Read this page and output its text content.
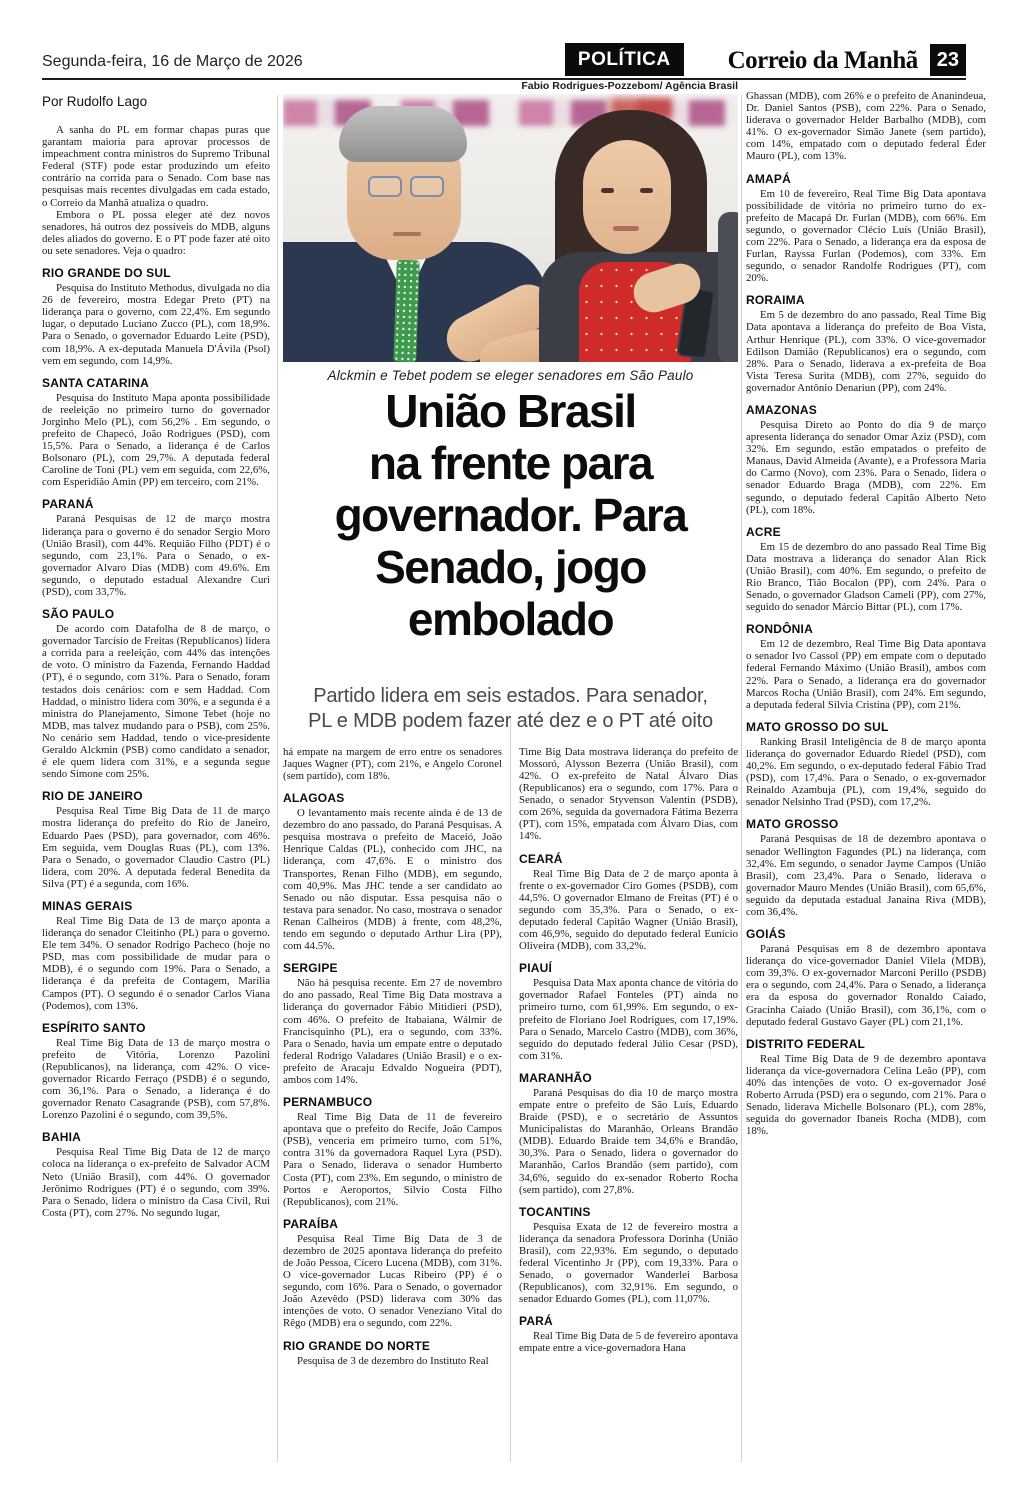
Segunda-feira, 16 de Março de 2026	POLÍTICA	Correio da Manhã 23
Por Rudolfo Lago

A sanha do PL em formar chapas puras que garantam maioria para aprovar processos de impeachment contra ministros do Supremo Tribunal Federal (STF) pode estar produzindo um efeito contrário na corrida para o Senado. Com base nas pesquisas mais recentes divulgadas em cada estado, o Correio da Manhã atualiza o quadro.

Embora o PL possa eleger até dez novos senadores, há outros dez possíveis do MDB, alguns deles aliados do governo. E o PT pode fazer até oito ou sete senadores. Veja o quadro:

RIO GRANDE DO SUL

Pesquisa do Instituto Methodus, divulgada no dia 26 de fevereiro, mostra Edegar Preto (PT) na liderança para o governo, com 22,4%. Em segundo lugar, o deputado Luciano Zucco (PL), com 18,9%. Para o Senado, o governador Eduardo Leite (PSD), com 18,9%. A ex-deputada Manuela D'Ávila (Psol) vem em segundo, com 14,9%.

SANTA CATARINA

Pesquisa do Instituto Mapa aponta possibilidade de reeleição no primeiro turno do governador Jorginho Melo (PL), com 56,2% . Em segundo, o prefeito de Chapecó, João Rodrigues (PSD), com 15,5%. Para o Senado, a liderança é de Carlos Bolsonaro (PL), com 29,7%. A deputada federal Caroline de Toni (PL) vem em seguida, com 22,6%, com Esperidião Amin (PP) em terceiro, com 21%.

PARANÁ

Paraná Pesquisas de 12 de março mostra liderança para o governo é do senador Sergio Moro (União Brasil), com 44%. Requião Filho (PDT) é o segundo, com 23,1%. Para o Senado, o ex-governador Alvaro Dias (MDB) com 49.6%. Em segundo, o deputado estadual Alexandre Curi (PSD), com 33,7%.

SÃO PAULO

De acordo com Datafolha de 8 de março, o governador Tarcísio de Freitas (Republicanos) lidera a corrida para a reeleição, com 44% das intenções de voto. O ministro da Fazenda, Fernando Haddad (PT), é o segundo, com 31%. Para o Senado, foram testados dois cenários: com e sem Haddad. Com Haddad, o ministro lidera com 30%, e a segunda é a ministra do Planejamento, Simone Tebet (hoje no MDB, mas talvez mudando para o PSB), com 25%. No cenário sem Haddad, tendo o vice-presidente Geraldo Alckmin (PSB) como candidato a senador, é ele quem lidera com 31%, e a segunda segue sendo Simone com 25%.

RIO DE JANEIRO

Pesquisa Real Time Big Data de 11 de março mostra liderança do prefeito do Rio de Janeiro, Eduardo Paes (PSD), para governador, com 46%. Em seguida, vem Douglas Ruas (PL), com 13%. Para o Senado, o governador Claudio Castro (PL) lidera, com 20%. A deputada federal Benedita da Silva (PT) é a segunda, com 16%.

MINAS GERAIS

Real Time Big Data de 13 de março aponta a liderança do senador Cleitinho (PL) para o governo. Ele tem 34%. O senador Rodrigo Pacheco (hoje no PSD, mas com possibilidade de mudar para o MDB), é o segundo com 19%. Para o Senado, a liderança é da prefeita de Contagem, Marília Campos (PT). O segundo é o senador Carlos Viana (Podemos), com 13%.

ESPÍRITO SANTO

Real Time Big Data de 13 de março mostra o prefeito de Vitória, Lorenzo Pazolini (Republicanos), na liderança, com 42%. O vice-governador Ricardo Ferraço (PSDB) é o segundo, com 36,1%. Para o Senado, a liderança é do governador Renato Casagrande (PSB), com 57,8%. Lorenzo Pazolini é o segundo, com 39,5%.

BAHIA

Pesquisa Real Time Big Data de 12 de março coloca na liderança o ex-prefeito de Salvador ACM Neto (União Brasil), com 44%. O governador Jerônimo Rodrigues (PT) é o segundo, com 39%. Para o Senado, lidera o ministro da Casa Civil, Rui Costa (PT), com 27%. No segundo lugar,

Fabio Rodrigues-Pozzebom/ Agência Brasil
Alckmin e Tebet podem se eleger senadores em São Paulo
União Brasil
na frente para
governador. Para
Senado, jogo
embolado
Partido lidera em seis estados. Para senador,
PL e MDB podem fazer até dez e o PT até oito

há empate na margem de erro entre os senadores Jaques Wagner (PT), com 21%, e Angelo Coronel (sem partido), com 18%.

ALAGOAS

O levantamento mais recente ainda é de 13 de dezembro do ano passado, do Paraná Pesquisas. A pesquisa mostrava o prefeito de Maceió, João Henrique Caldas (PL), conhecido com JHC, na liderança, com 47,6%. E o ministro dos Transportes, Renan Filho (MDB), em segundo, com 40,9%. Mas JHC tende a ser candidato ao Senado ou não disputar. Essa pesquisa não o testava para senador. No caso, mostrava o senador Renan Calheiros (MDB) à frente, com 48,2%, tendo em segundo o deputado Arthur Lira (PP), com 44.5%.

SERGIPE

Não há pesquisa recente. Em 27 de novembro do ano passado, Real Time Big Data mostrava a liderança do governador Fábio Mitidieri (PSD), com 46%. O prefeito de Itabaiana, Wálmir de Francisquinho (PL), era o segundo, com 33%. Para o Senado, havia um empate entre o deputado federal Rodrigo Valadares (União Brasil) e o ex-prefeito de Aracaju Edvaldo Nogueira (PDT), ambos com 14%.

PERNAMBUCO

Real Time Big Data de 11 de fevereiro apontava que o prefeito do Recife, João Campos (PSB), venceria em primeiro turno, com 51%, contra 31% da governadora Raquel Lyra (PSD). Para o Senado, liderava o senador Humberto Costa (PT), com 23%. Em segundo, o ministro de Portos e Aeroportos, Silvio Costa Filho (Republicanos), com 21%.

PARAÍBA

Pesquisa Real Time Big Data de 3 de dezembro de 2025 apontava liderança do prefeito de João Pessoa, Cícero Lucena (MDB), com 31%. O vice-governador Lucas Ribeiro (PP) é o segundo, com 16%. Para o Senado, o governador João Azevêdo (PSD) liderava com 30% das intenções de voto. O senador Veneziano Vital do Rêgo (MDB) era o segundo, com 22%.

RIO GRANDE DO NORTE

Pesquisa de 3 de dezembro do Instituto Real

Time Big Data mostrava liderança do prefeito de Mossoró, Alysson Bezerra (União Brasil), com 42%. O ex-prefeito de Natal Álvaro Dias (Republicanos) era o segundo, com 17%. Para o Senado, o senador Styvenson Valentin (PSDB), com 26%, seguida da governadora Fátima Bezerra (PT), com 15%, empatada com Álvaro Dias, com 14%.

CEARÁ

Real Time Big Data de 2 de março aponta à frente o ex-governador Ciro Gomes (PSDB), com 44,5%. O governador Elmano de Freitas (PT) é o segundo com 35,3%. Para o Senado, o ex-deputado federal Capitão Wagner (União Brasil), com 46,9%, seguido do deputado federal Eunício Oliveira (MDB), com 33,2%.

PIAUÍ

Pesquisa Data Max aponta chance de vitória do governador Rafael Fonteles (PT) ainda no primeiro turno, com 61,99%. Em segundo, o ex-prefeito de Floriano Joel Rodrigues, com 17,19%. Para o Senado, Marcelo Castro (MDB), com 36%, seguido do deputado federal Júlio Cesar (PSD), com 31%.

MARANHÃO

Paraná Pesquisas do dia 10 de março mostra empate entre o prefeito de São Luís, Eduardo Braide (PSD), e o secretário de Assuntos Municipalistas do Maranhão, Orleans Brandão (MDB). Eduardo Braide tem 34,6% e Brandão, 30,3%. Para o Senado, lidera o governador do Maranhão, Carlos Brandão (sem partido), com 34,6%, seguido do ex-senador Roberto Rocha (sem partido), com 27,8%.

TOCANTINS

Pesquisa Exata de 12 de fevereiro mostra a liderança da senadora Professora Dorinha (União Brasil), com 22,93%. Em segundo, o deputado federal Vicentinho Jr (PP), com 19,33%. Para o Senado, o governador Wanderlei Barbosa (Republicanos), com 32,91%. Em segundo, o senador Eduardo Gomes (PL), com 11,07%.

PARÁ

Real Time Big Data de 5 de fevereiro apontava empate entre a vice-governadora Hana

Ghassan (MDB), com 26% e o prefeito de Ananindeua, Dr. Daniel Santos (PSB), com 22%. Para o Senado, liderava o governador Helder Barbalho (MDB), com 41%. O ex-governador Simão Janete (sem partido), com 14%, empatado com o deputado federal Éder Mauro (PL), com 13%.

AMAPÁ

Em 10 de fevereiro, Real Time Big Data apontava possibilidade de vitória no primeiro turno do ex-prefeito de Macapá Dr. Furlan (MDB), com 66%. Em segundo, o governador Clécio Luís (União Brasil), com 22%. Para o Senado, a liderança era da esposa de Furlan, Rayssa Furlan (Podemos), com 33%. Em segundo, o senador Randolfe Rodrigues (PT), com 20%.

RORAIMA

Em 5 de dezembro do ano passado, Real Time Big Data apontava a liderança do prefeito de Boa Vista, Arthur Henrique (PL), com 33%. O vice-governador Edilson Damião (Republicanos) era o segundo, com 28%. Para o Senado, liderava a ex-prefeita de Boa Vista Teresa Surita (MDB), com 27%, seguido do governador Antônio Denariun (PP), com 24%.

AMAZONAS

Pesquisa Direto ao Ponto do dia 9 de março apresenta liderança do senador Omar Aziz (PSD), com 32%. Em segundo, estão empatados o prefeito de Manaus, David Almeida (Avante), e a Professora Maria do Carmo (Novo), com 23%. Para o Senado, lidera o senador Eduardo Braga (MDB), com 22%. Em segundo, o deputado federal Capitão Alberto Neto (PL), com 18%.

ACRE

Em 15 de dezembro do ano passado Real Time Big Data mostrava a liderança do senador Alan Rick (União Brasil), com 40%. Em segundo, o prefeito de Rio Branco, Tião Bocalon (PP), com 24%. Para o Senado, o governador Gladson Cameli (PP), com 27%, seguido do senador Márcio Bittar (PL), com 17%.

RONDÔNIA

Em 12 de dezembro, Real Time Big Data apontava o senador Ivo Cassol (PP) em empate com o deputado federal Fernando Máximo (União Brasil), ambos com 22%. Para o Senado, a liderança era do governador Marcos Rocha (União Brasil), com 24%. Em segundo, a deputada federal Sílvia Cristina (PP), com 21%.

MATO GROSSO DO SUL

Ranking Brasil Inteligência de 8 de março aponta liderança do governador Eduardo Riedel (PSD), com 40,2%. Em segundo, o ex-deputado federal Fábio Trad (PSD), com 17,4%. Para o Senado, o ex-governador Reinaldo Azambuja (PL), com 19,4%, seguido do senador Nelsinho Trad (PSD), com 17,2%.

MATO GROSSO

Paraná Pesquisas de 18 de dezembro apontava o senador Wellington Fagundes (PL) na liderança, com 32,4%. Em segundo, o senador Jayme Campos (União Brasil), com 23,4%. Para o Senado, liderava o governador Mauro Mendes (União Brasil), com 65,6%, seguido da deputada estadual Janaína Riva (MDB), com 36,4%.

GOIÁS

Paraná Pesquisas em 8 de dezembro apontava liderança do vice-governador Daniel Vilela (MDB), com 39,3%. O ex-governador Marconi Perillo (PSDB) era o segundo, com 24,4%. Para o Senado, a liderança era da esposa do governador Ronaldo Caiado, Gracinha Caiado (União Brasil), com 36,1%, com o deputado federal Gustavo Gayer (PL) com 21,1%.

DISTRITO FEDERAL

Real Time Big Data de 9 de dezembro apontava liderança da vice-governadora Celina Leão (PP), com 40% das intenções de voto. O ex-governador José Roberto Arruda (PSD) era o segundo, com 21%. Para o Senado, liderava Michelle Bolsonaro (PL), com 28%, seguida do governador Ibaneis Rocha (MDB), com 18%.
